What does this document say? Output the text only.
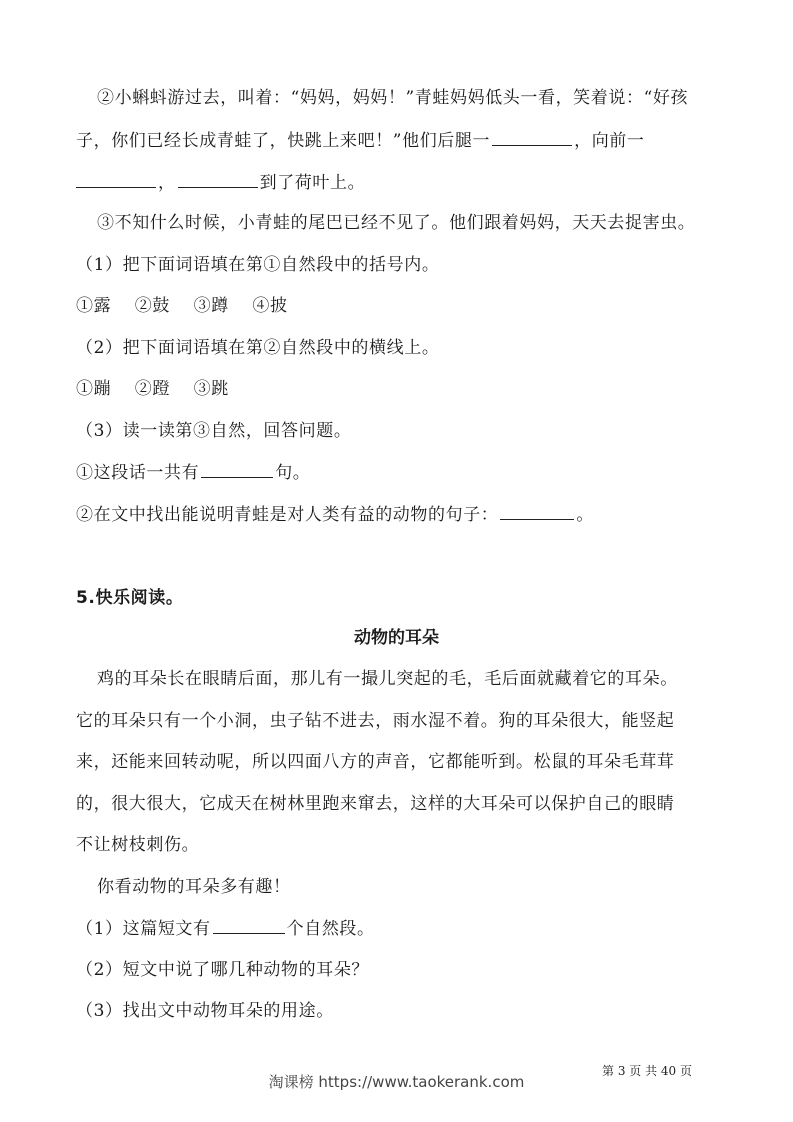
②小蝌蚪游过去，叫着：“妈妈，妈妈！”青蛙妈妈低头一看，笑着说：“好孩
子，你们已经长成青蛙了，快跳上来吧！”他们后腿一	，向前一
，	到了荷叶上。
③不知什么时候，小青蛙的尾巴已经不见了。他们跟着妈妈，天天去捉害虫。
（1）把下面词语填在第①自然段中的括号内。
①露　 ②鼓　 ③蹲　 ④披
（2）把下面词语填在第②自然段中的横线上。
①蹦　 ②蹬　 ③跳
（3）读一读第③自然，回答问题。
①这段话一共有	句。
②在文中找出能说明青蛙是对人类有益的动物的句子：	。
5.快乐阅读。
动物的耳朵
鸡的耳朵长在眼睛后面，那儿有一撮儿突起的毛，毛后面就藏着它的耳朵。
它的耳朵只有一个小洞，虫子钻不进去，雨水湿不着。狗的耳朵很大，能竖起
来，还能来回转动呢，所以四面八方的声音，它都能听到。松鼠的耳朵毛茸茸
的，很大很大，它成天在树林里跑来窜去，这样的大耳朵可以保护自己的眼睛
不让树枝刺伤。
你看动物的耳朵多有趣！
（1）这篇短文有	个自然段。
（2）短文中说了哪几种动物的耳朵？
（3）找出文中动物耳朵的用途。
第 3 页 共 40 页
淘课榜 https://www.taokerank.com
